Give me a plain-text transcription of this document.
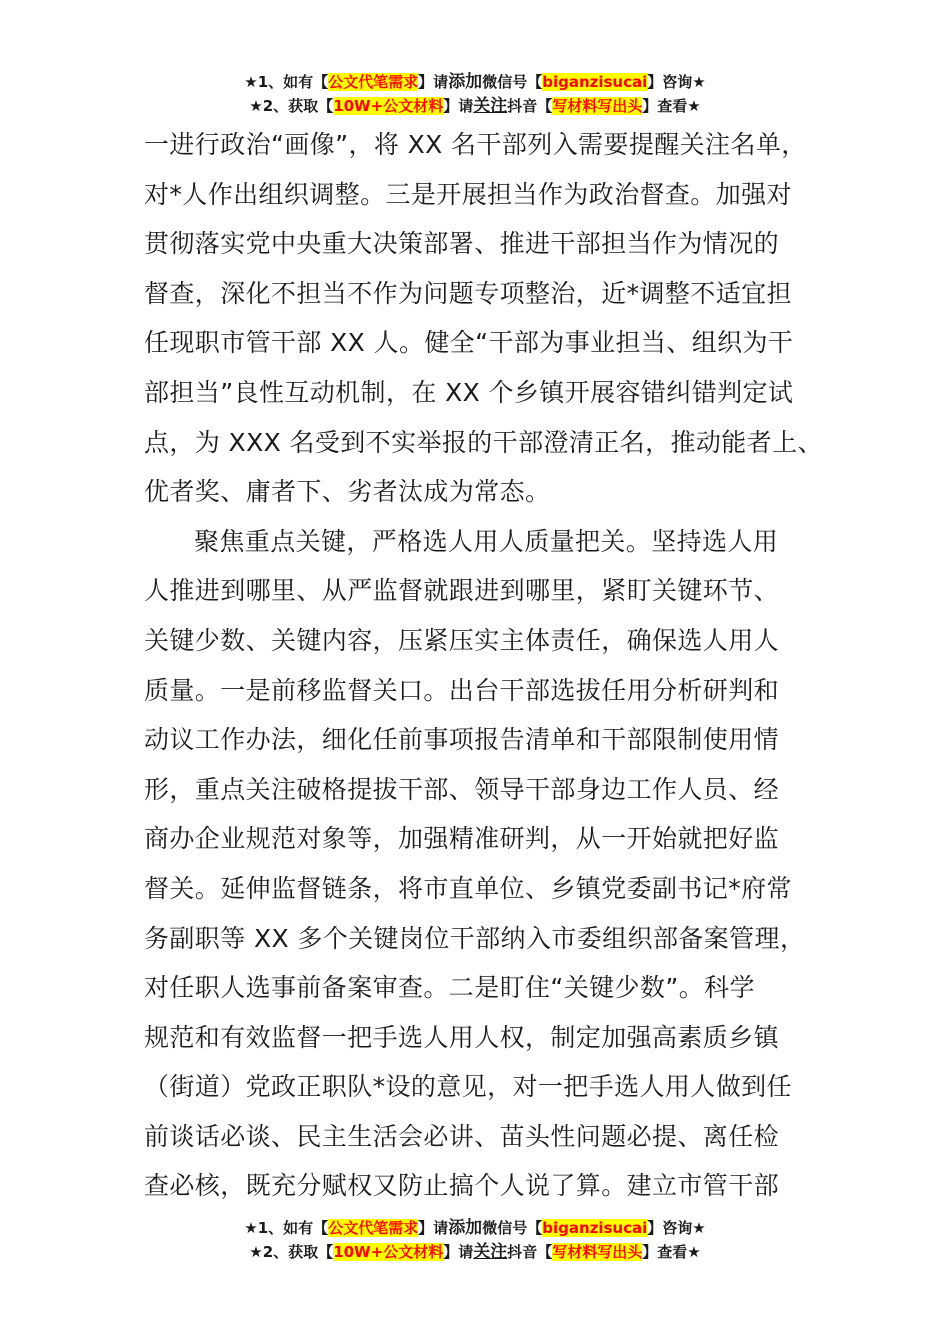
★1、如有【公文代笔需求】请添加微信号【biganzisucai】咨询★
★2、获取【10W+公文材料】请关注抖音【写材料写出头】查看★
一进行政治“画像”，将 XX 名干部列入需要提醒关注名单，
对*人作出组织调整。三是开展担当作为政治督查。加强对
贯彻落实党中央重大决策部署、推进干部担当作为情况的
督查，深化不担当不作为问题专项整治，近*调整不适宜担
任现职市管干部 XX 人。健全“干部为事业担当、组织为干
部担当”良性互动机制，在 XX 个乡镇开展容错纠错判定试
点，为 XXX 名受到不实举报的干部澄清正名，推动能者上、
优者奖、庸者下、劣者汰成为常态。
聚焦重点关键，严格选人用人质量把关。坚持选人用
人推进到哪里、从严监督就跟进到哪里，紧盯关键环节、
关键少数、关键内容，压紧压实主体责任，确保选人用人
质量。一是前移监督关口。出台干部选拔任用分析研判和
动议工作办法，细化任前事项报告清单和干部限制使用情
形，重点关注破格提拔干部、领导干部身边工作人员、经
商办企业规范对象等，加强精准研判，从一开始就把好监
督关。延伸监督链条，将市直单位、乡镇党委副书记*府常
务副职等 XX 多个关键岗位干部纳入市委组织部备案管理，
对任职人选事前备案审查。二是盯住“关键少数”。科学
规范和有效监督一把手选人用人权，制定加强高素质乡镇
（街道）党政正职队*设的意见，对一把手选人用人做到任
前谈话必谈、民主生活会必讲、苗头性问题必提、离任检
查必核，既充分赋权又防止搞个人说了算。建立市管干部
★1、如有【公文代笔需求】请添加微信号【biganzisucai】咨询★
★2、获取【10W+公文材料】请关注抖音【写材料写出头】查看★
